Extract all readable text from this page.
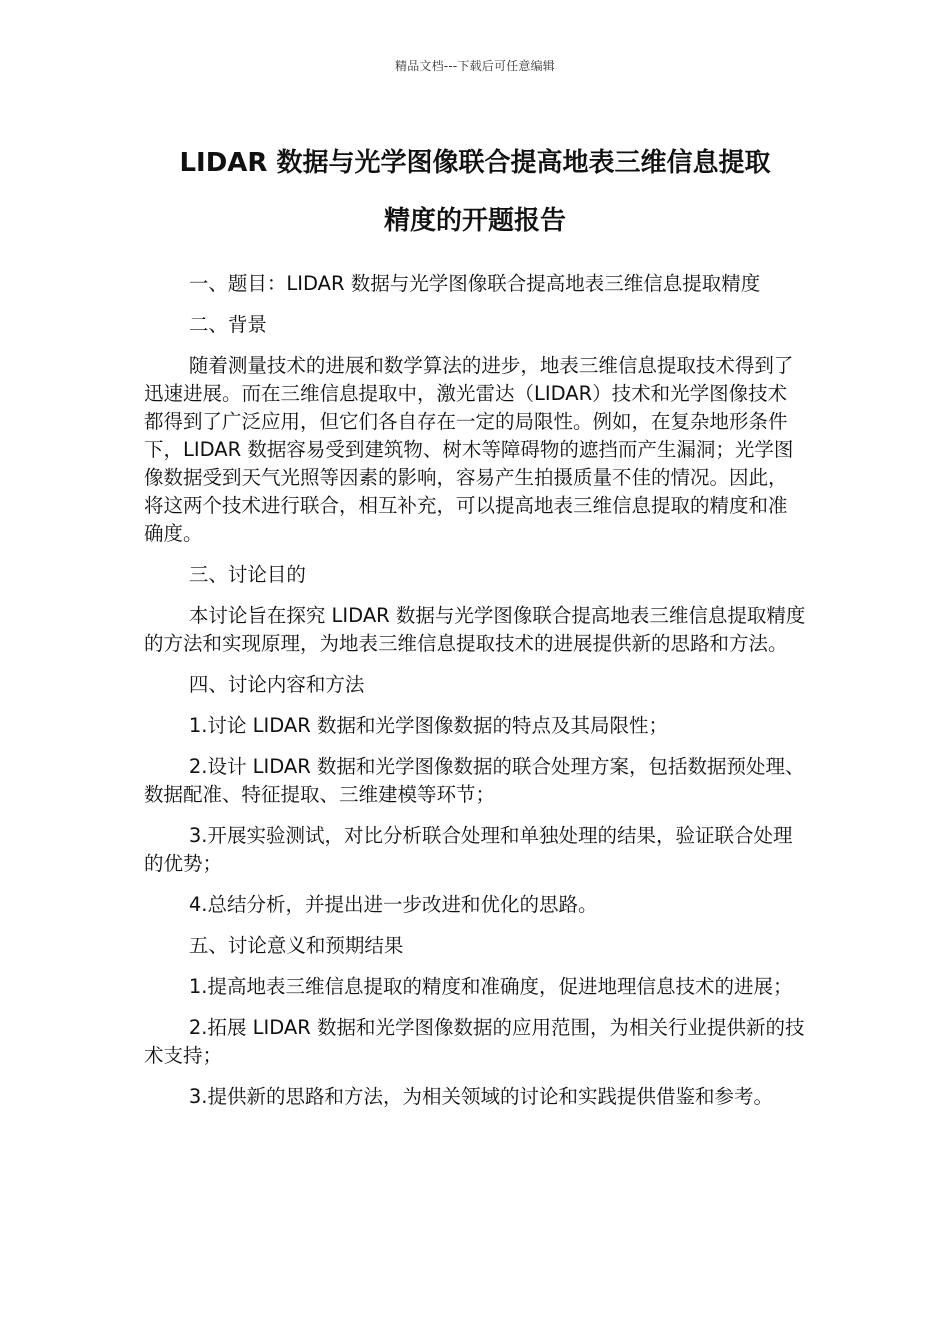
精品文档---下载后可任意编辑
LIDAR 数据与光学图像联合提高地表三维信息提取
精度的开题报告

一、题目：LIDAR 数据与光学图像联合提高地表三维信息提取精度

二、背景

随着测量技术的进展和数学算法的进步，地表三维信息提取技术得到了迅速进展。而在三维信息提取中，激光雷达（LIDAR）技术和光学图像技术都得到了广泛应用，但它们各自存在一定的局限性。例如，在复杂地形条件下，LIDAR 数据容易受到建筑物、树木等障碍物的遮挡而产生漏洞；光学图像数据受到天气光照等因素的影响，容易产生拍摄质量不佳的情况。因此，将这两个技术进行联合，相互补充，可以提高地表三维信息提取的精度和准确度。

三、讨论目的

本讨论旨在探究 LIDAR 数据与光学图像联合提高地表三维信息提取精度的方法和实现原理，为地表三维信息提取技术的进展提供新的思路和方法。

四、讨论内容和方法

1.讨论 LIDAR 数据和光学图像数据的特点及其局限性；

2.设计 LIDAR 数据和光学图像数据的联合处理方案，包括数据预处理、数据配准、特征提取、三维建模等环节；

3.开展实验测试，对比分析联合处理和单独处理的结果，验证联合处理的优势；

4.总结分析，并提出进一步改进和优化的思路。

五、讨论意义和预期结果

1.提高地表三维信息提取的精度和准确度，促进地理信息技术的进展；

2.拓展 LIDAR 数据和光学图像数据的应用范围，为相关行业提供新的技术支持；

3.提供新的思路和方法，为相关领域的讨论和实践提供借鉴和参考。
